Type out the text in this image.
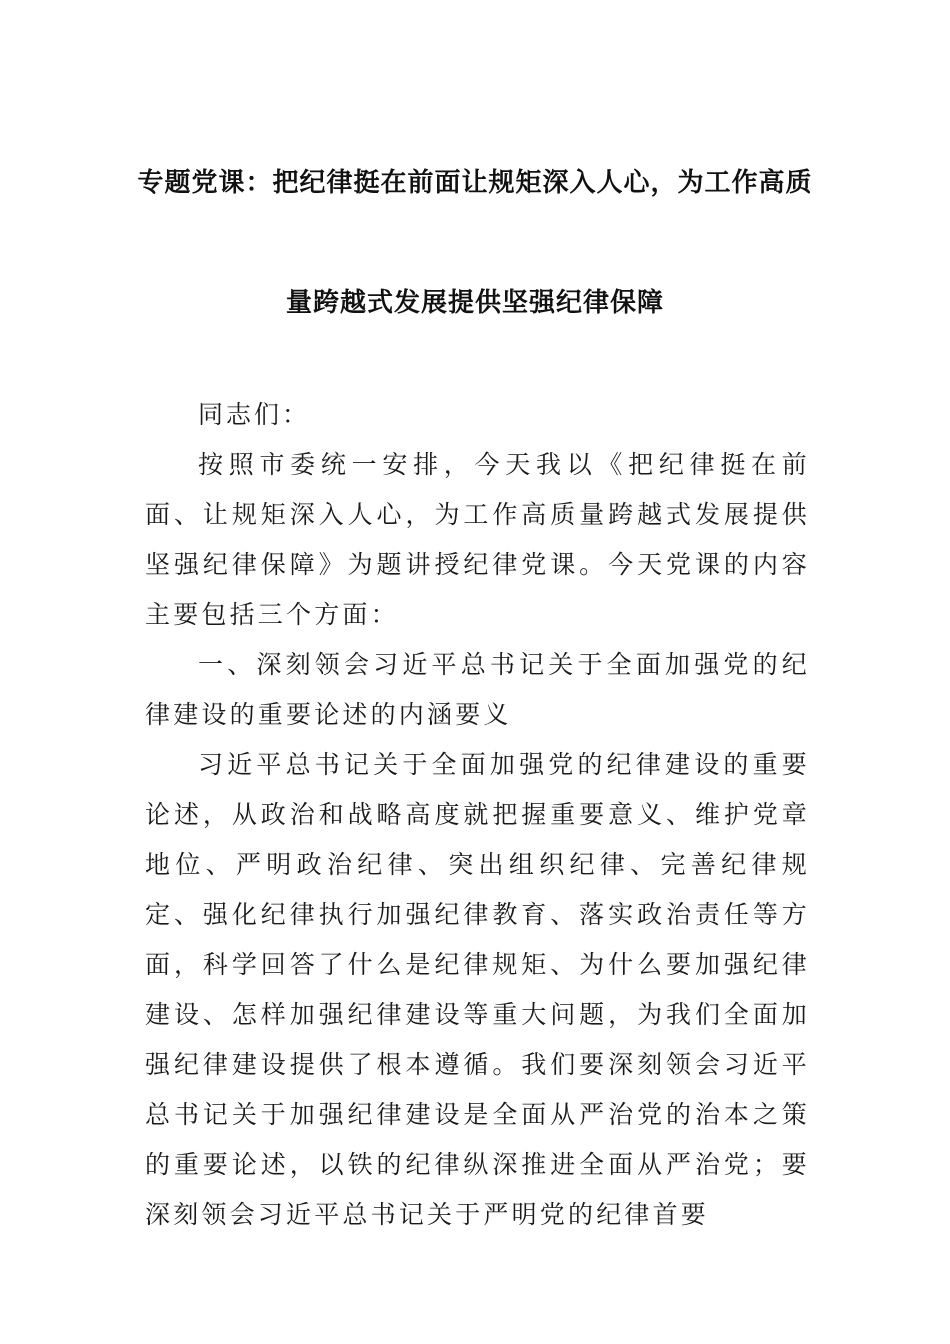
专题党课：把纪律挺在前面让规矩深入人心，为工作高质
量跨越式发展提供坚强纪律保障
同志们：

按照市委统一安排，今天我以《把纪律挺在前面、让规矩深入人心，为工作高质量跨越式发展提供坚强纪律保障》为题讲授纪律党课。今天党课的内容主要包括三个方面：

一、深刻领会习近平总书记关于全面加强党的纪律建设的重要论述的内涵要义

习近平总书记关于全面加强党的纪律建设的重要论述，从政治和战略高度就把握重要意义、维护党章地位、严明政治纪律、突出组织纪律、完善纪律规定、强化纪律执行加强纪律教育、落实政治责任等方面，科学回答了什么是纪律规矩、为什么要加强纪律建设、怎样加强纪律建设等重大问题，为我们全面加强纪律建设提供了根本遵循。我们要深刻领会习近平总书记关于加强纪律建设是全面从严治党的治本之策的重要论述，以铁的纪律纵深推进全面从严治党；要深刻领会习近平总书记关于严明党的纪律首要
